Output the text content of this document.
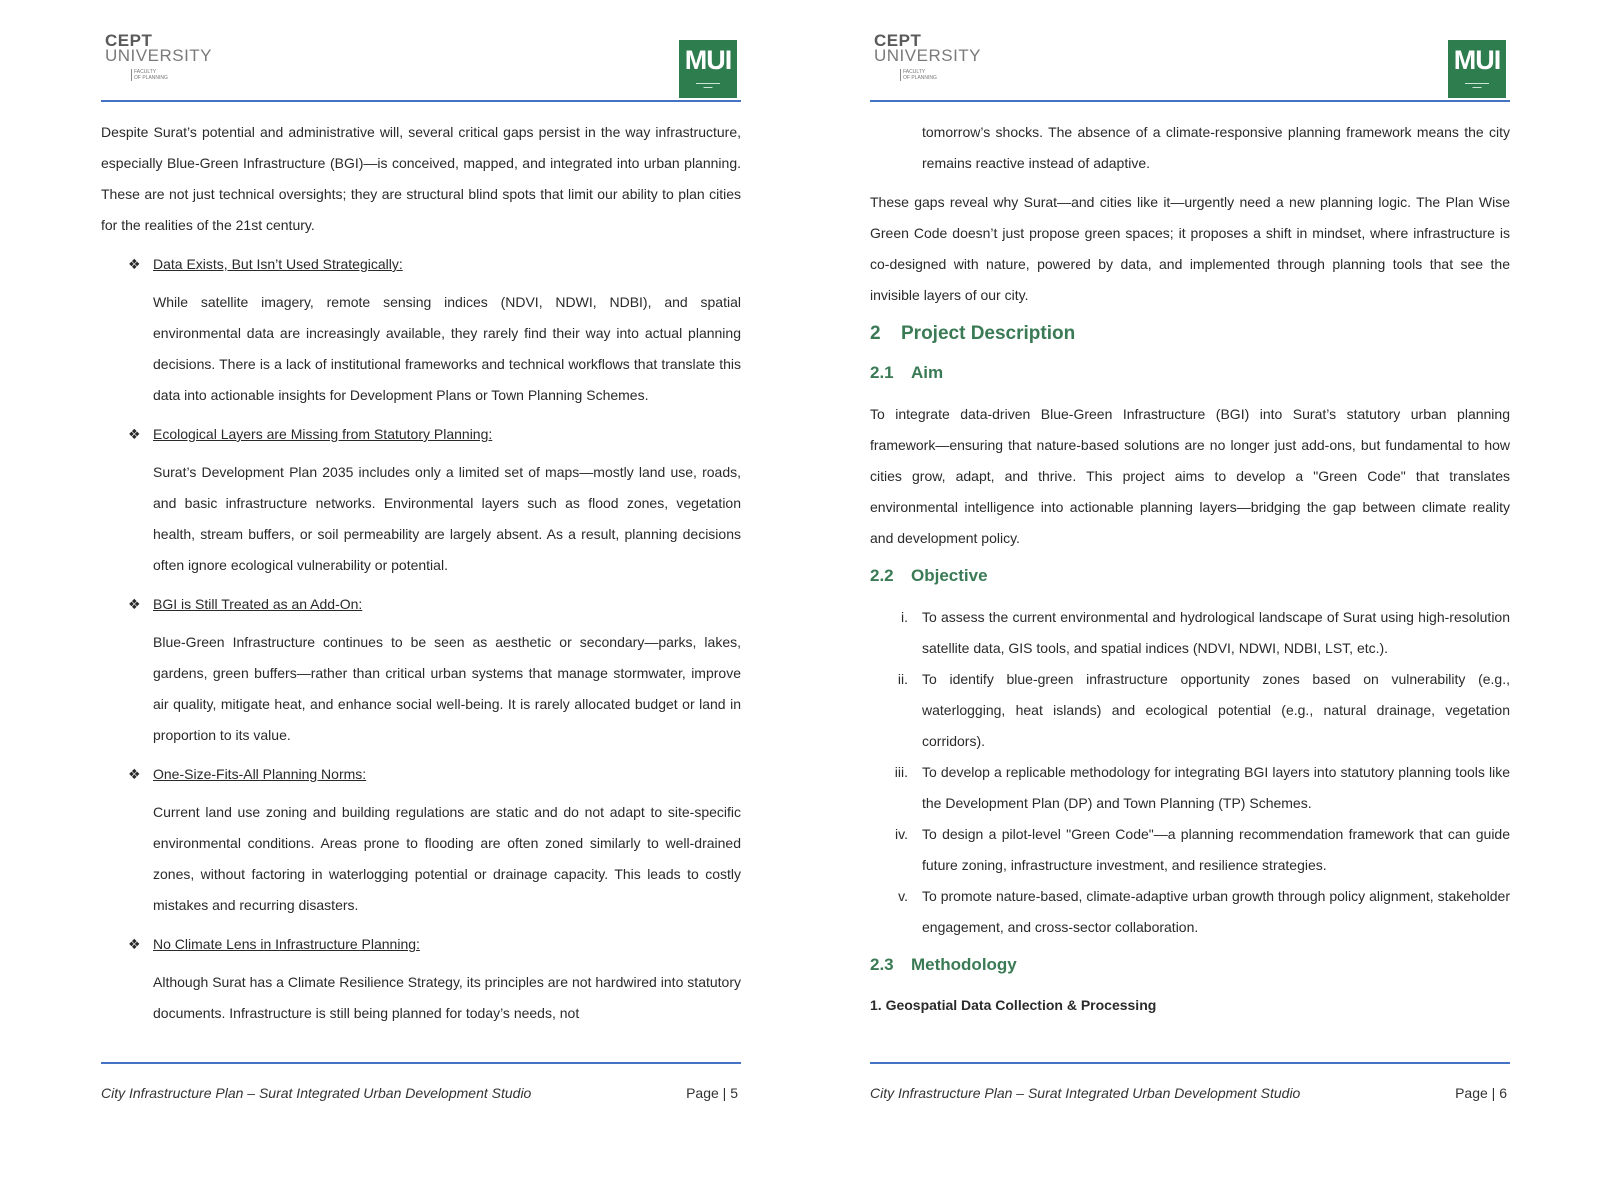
CEPT
UNIVERSITY
FACULTY
OF PLANNING
MUI
▬▬▬▬▬▬▬▬
▬▬▬

Despite Surat’s potential and administrative will, several critical gaps persist in the way infrastructure, especially Blue-Green Infrastructure (BGI)—is conceived, mapped, and integrated into urban planning. These are not just technical oversights; they are structural blind spots that limit our ability to plan cities for the realities of the 21st century.

❖ Data Exists, But Isn’t Used Strategically:
While satellite imagery, remote sensing indices (NDVI, NDWI, NDBI), and spatial environmental data are increasingly available, they rarely find their way into actual planning decisions. There is a lack of institutional frameworks and technical workflows that translate this data into actionable insights for Development Plans or Town Planning Schemes.
❖ Ecological Layers are Missing from Statutory Planning:
Surat’s Development Plan 2035 includes only a limited set of maps—mostly land use, roads, and basic infrastructure networks. Environmental layers such as flood zones, vegetation health, stream buffers, or soil permeability are largely absent. As a result, planning decisions often ignore ecological vulnerability or potential.
❖ BGI is Still Treated as an Add-On:
Blue-Green Infrastructure continues to be seen as aesthetic or secondary—parks, lakes, gardens, green buffers—rather than critical urban systems that manage stormwater, improve air quality, mitigate heat, and enhance social well-being. It is rarely allocated budget or land in proportion to its value.
❖ One-Size-Fits-All Planning Norms:
Current land use zoning and building regulations are static and do not adapt to site-specific environmental conditions. Areas prone to flooding are often zoned similarly to well-drained zones, without factoring in waterlogging potential or drainage capacity. This leads to costly mistakes and recurring disasters.
❖ No Climate Lens in Infrastructure Planning:
Although Surat has a Climate Resilience Strategy, its principles are not hardwired into statutory documents. Infrastructure is still being planned for today’s needs, not
City Infrastructure Plan – Surat Integrated Urban Development Studio	Page | 5
CEPT
UNIVERSITY
FACULTY
OF PLANNING
MUI
▬▬▬▬▬▬▬▬
▬▬▬

tomorrow’s shocks. The absence of a climate-responsive planning framework means the city remains reactive instead of adaptive.

These gaps reveal why Surat—and cities like it—urgently need a new planning logic. The Plan Wise Green Code doesn’t just propose green spaces; it proposes a shift in mindset, where infrastructure is co-designed with nature, powered by data, and implemented through planning tools that see the invisible layers of our city.

2 Project Description
2.1 Aim

To integrate data-driven Blue-Green Infrastructure (BGI) into Surat’s statutory urban planning framework—ensuring that nature-based solutions are no longer just add-ons, but fundamental to how cities grow, adapt, and thrive. This project aims to develop a "Green Code" that translates environmental intelligence into actionable planning layers—bridging the gap between climate reality and development policy.

2.2 Objective
i. To assess the current environmental and hydrological landscape of Surat using high-resolution satellite data, GIS tools, and spatial indices (NDVI, NDWI, NDBI, LST, etc.).
ii. To identify blue-green infrastructure opportunity zones based on vulnerability (e.g., waterlogging, heat islands) and ecological potential (e.g., natural drainage, vegetation corridors).
iii. To develop a replicable methodology for integrating BGI layers into statutory planning tools like the Development Plan (DP) and Town Planning (TP) Schemes.
iv. To design a pilot-level "Green Code"—a planning recommendation framework that can guide future zoning, infrastructure investment, and resilience strategies.
v. To promote nature-based, climate-adaptive urban growth through policy alignment, stakeholder engagement, and cross-sector collaboration.
2.3 Methodology
1. Geospatial Data Collection & Processing
City Infrastructure Plan – Surat Integrated Urban Development Studio	Page | 6
